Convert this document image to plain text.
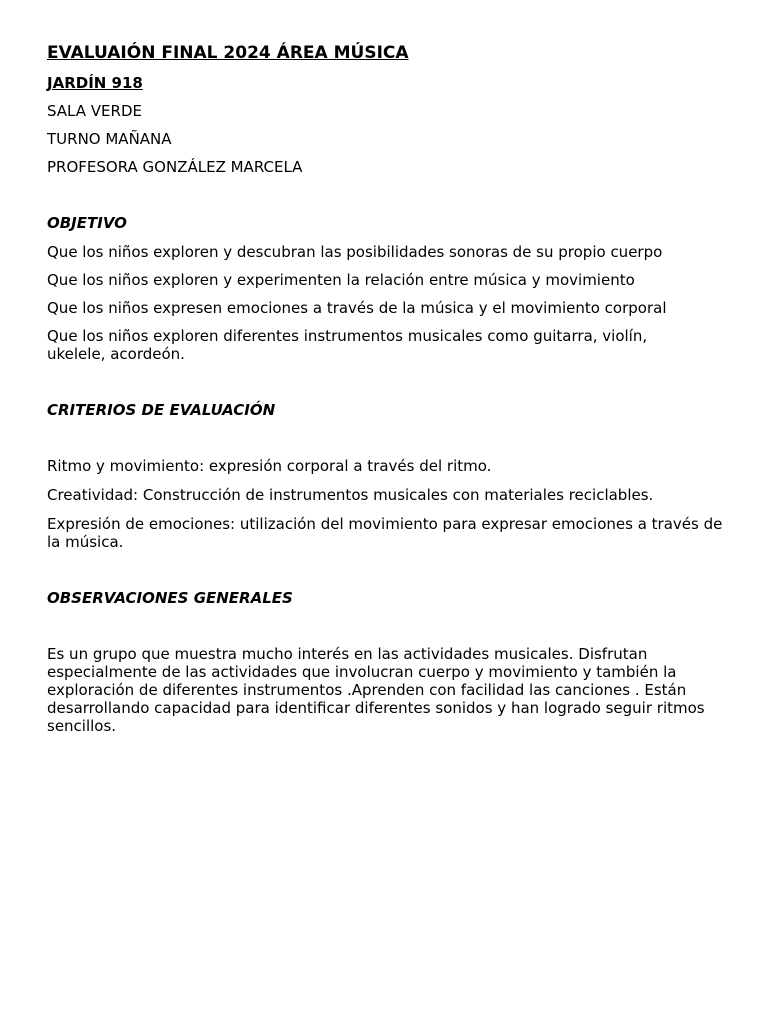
EVALUAIÓN FINAL 2024 ÁREA MÚSICA

JARDÍN 918

SALA VERDE

TURNO MAÑANA

PROFESORA GONZÁLEZ MARCELA

OBJETIVO

Que los niños exploren y descubran las posibilidades sonoras de su propio cuerpo

Que los niños exploren y experimenten la relación entre música y movimiento

Que los niños expresen emociones a través de la música y el movimiento corporal

Que los niños exploren diferentes instrumentos musicales como guitarra, violín, ukelele, acordeón.

CRITERIOS DE EVALUACIÓN

Ritmo y movimiento: expresión corporal a través del ritmo.

Creatividad: Construcción de instrumentos musicales con materiales reciclables.

Expresión de emociones: utilización del movimiento para expresar emociones a través de la música.

OBSERVACIONES GENERALES

Es un grupo que muestra mucho interés en las actividades musicales. Disfrutan especialmente de las actividades que involucran cuerpo y movimiento y también la exploración de diferentes instrumentos .Aprenden con facilidad las canciones . Están desarrollando capacidad para identificar diferentes sonidos y han logrado seguir ritmos sencillos.
